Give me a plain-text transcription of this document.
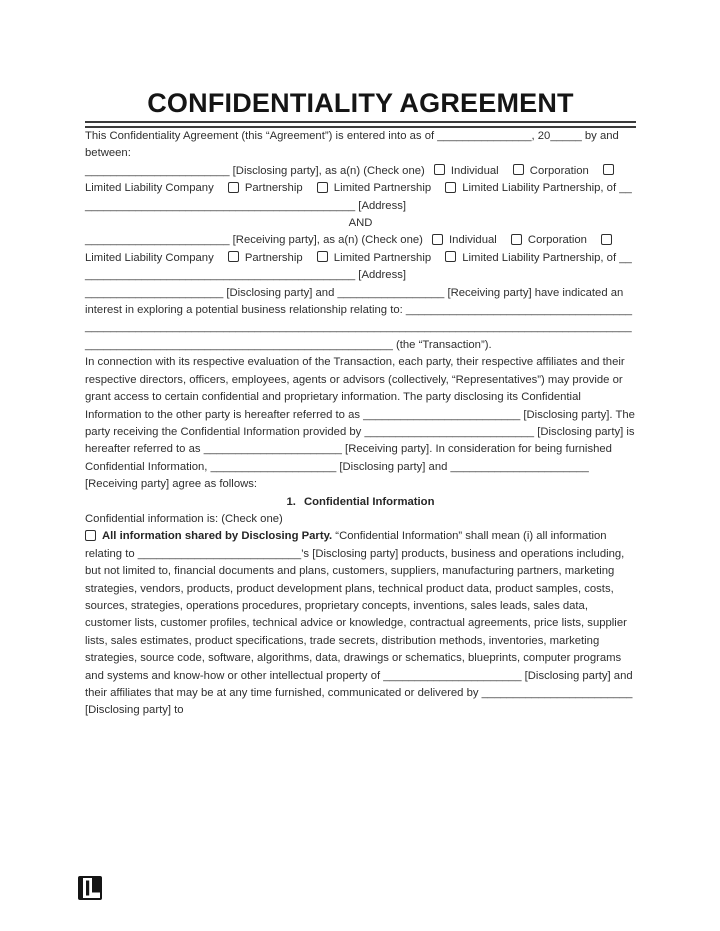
CONFIDENTIALITY AGREEMENT

This Confidentiality Agreement (this “Agreement”) is entered into as of _______________, 20_____ by and between:

_______________________ [Disclosing party], as a(n) (Check one) Individual	Corporation Limited Liability Company	Partnership	Limited Partnership	Limited Liability Partnership, of _____________________________________________ [Address]

AND

_______________________ [Receiving party], as a(n) (Check one) Individual	Corporation Limited Liability Company	Partnership	Limited Partnership	Limited Liability Partnership, of _____________________________________________ [Address]

______________________ [Disclosing party] and _________________ [Receiving party] have indicated an interest in exploring a potential business relationship relating to: ____________________________________________________________________________________________________________________________________________________________________________ (the “Transaction”).

In connection with its respective evaluation of the Transaction, each party, their respective affiliates and their respective directors, officers, employees, agents or advisors (collectively, “Representatives”) may provide or grant access to certain confidential and proprietary information. The party disclosing its Confidential Information to the other party is hereafter referred to as _________________________ [Disclosing party]. The party receiving the Confidential Information provided by ___________________________ [Disclosing party] is hereafter referred to as ______________________ [Receiving party]. In consideration for being furnished Confidential Information, ____________________ [Disclosing party] and ______________________ [Receiving party] agree as follows:

1. Confidential Information

Confidential information is: (Check one)

All information shared by Disclosing Party. “Confidential Information” shall mean (i) all information relating to __________________________’s [Disclosing party] products, business and operations including, but not limited to, financial documents and plans, customers, suppliers, manufacturing partners, marketing strategies, vendors, products, product development plans, technical product data, product samples, costs, sources, strategies, operations procedures, proprietary concepts, inventions, sales leads, sales data, customer lists, customer profiles, technical advice or knowledge, contractual agreements, price lists, supplier lists, sales estimates, product specifications, trade secrets, distribution methods, inventories, marketing strategies, source code, software, algorithms, data, drawings or schematics, blueprints, computer programs and systems and know-how or other intellectual property of ______________________ [Disclosing party] and their affiliates that may be at any time furnished, communicated or delivered by ________________________ [Disclosing party] to
